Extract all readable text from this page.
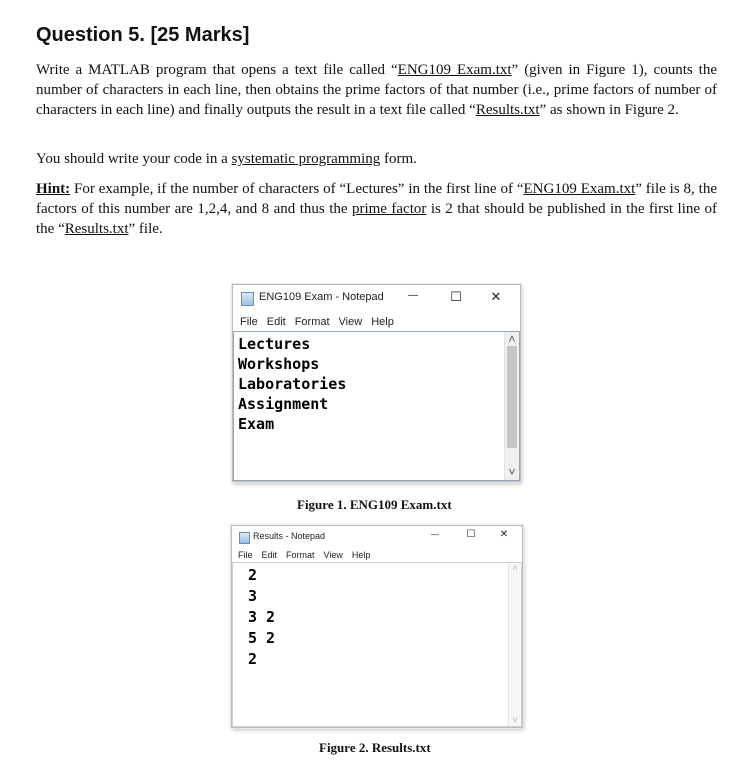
Question 5. [25 Marks]

Write a MATLAB program that opens a text file called “ENG109 Exam.txt” (given in Figure 1), counts the number of characters in each line, then obtains the prime factors of that number (i.e., prime factors of number of characters in each line) and finally outputs the result in a text file called “Results.txt” as shown in Figure 2.

You should write your code in a systematic programming form.

Hint: For example, if the number of characters of “Lectures” in the first line of “ENG109 Exam.txt” file is 8, the factors of this number are 1,2,4, and 8 and thus the prime factor is 2 that should be published in the first line of the “Results.txt” file.

ENG109 Exam - Notepad	—	☐	✕
File Edit Format View Help
Lectures
Workshops
Laboratories
Assignment
Exam
˄
˅
Figure 1. ENG109 Exam.txt
Results - Notepad	—	☐	✕
File Edit Format View Help
2
3
3 2
5 2
2
˄
˅
Figure 2. Results.txt
